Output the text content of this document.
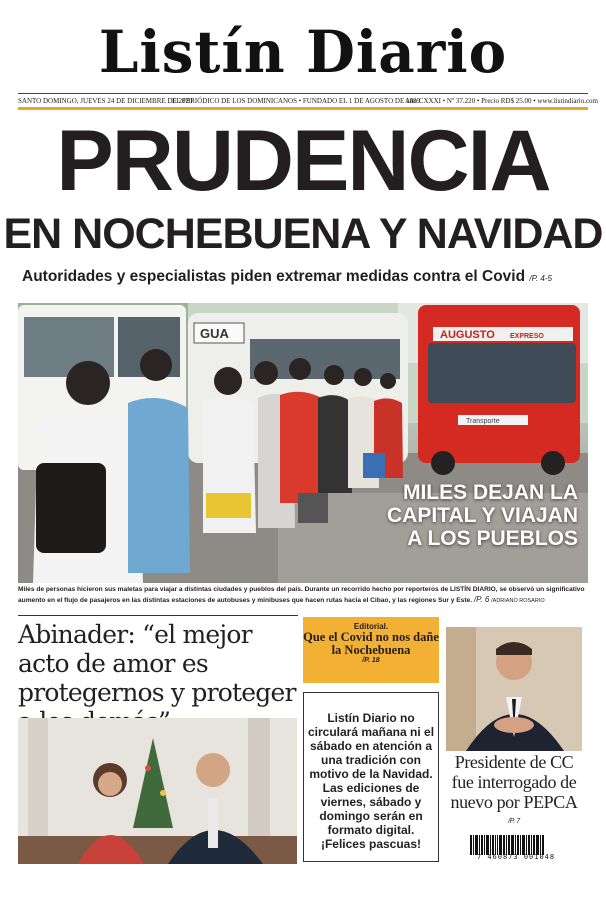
Listín Diario
SANTO DOMINGO, JUEVES 24 DE DICIEMBRE DE 2020
EL PERIÓDICO DE LOS DOMINICANOS • FUNDADO EL 1 DE AGOSTO DE 1889
Año CXXXI • Nº 37.220 • Precio RD$ 25.00 • www.listindiario.com
PRUDENCIA
EN NOCHEBUENA Y NAVIDAD
Autoridades y especialistas piden extremar medidas contra el Covid /P. 4-5
GUA	AUGUSTO EXPRESO
Transporte
MILES DEJAN LA CAPITAL Y VIAJAN A LOS PUEBLOS
Miles de personas hicieron sus maletas para viajar a distintas ciudades y pueblos del país. Durante un recorrido hecho por reporteros de LISTÍN DIARIO, se observó un significativo aumento en el flujo de pasajeros en las distintas estaciones de autobuses y minibuses que hacen rutas hacia el Cibao, y las regiones Sur y Este. /P. 6 /ADRIANO ROSARIO
Abinader: “el mejor acto de amor es protegernos y proteger
Editorial.
Que el Covid no nos dañe la Nochebuena
/P. 18
Listín Diario no circulará mañana ni el sábado en atención a una tradición con motivo de la Navidad. Las ediciones de viernes, sábado y domingo serán en formato digital. ¡Felices pascuas!
Presidente de CC fue interrogado de nuevo por PEPCA
/P. 7
7 460873 001048
